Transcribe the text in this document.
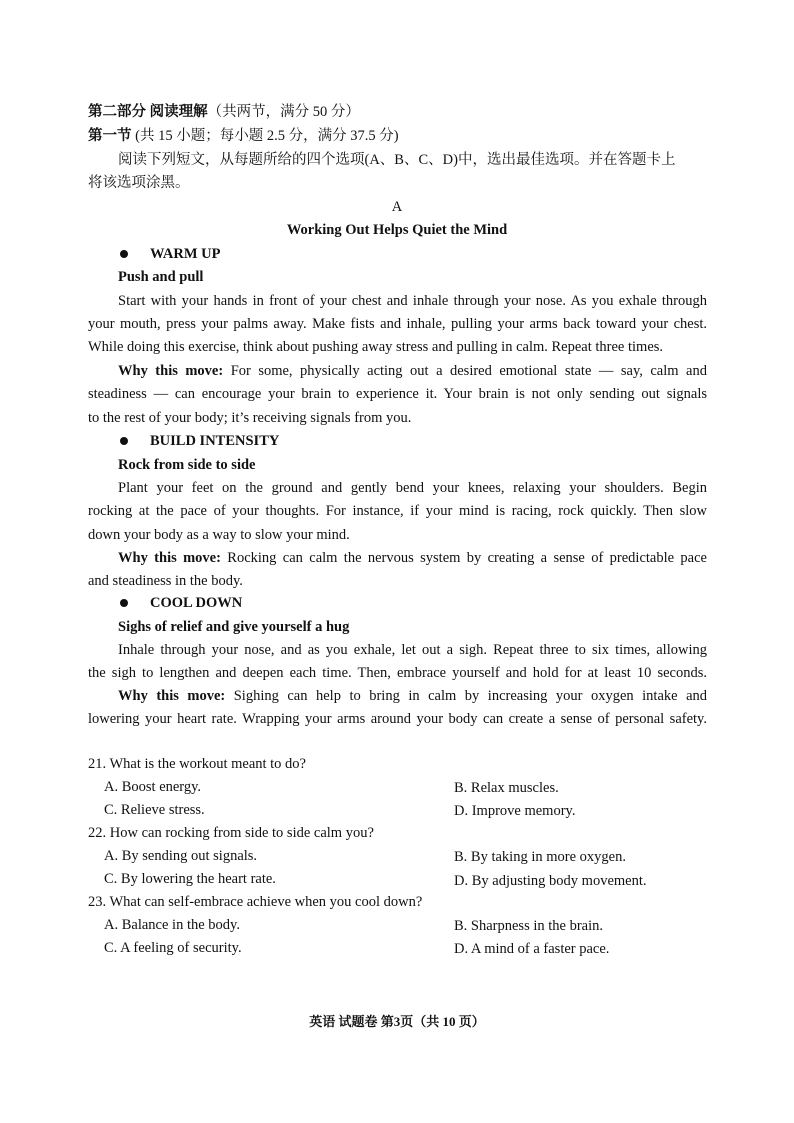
第二部分 阅读理解（共两节，满分 50 分）
第一节 (共 15 小题；每小题 2.5 分，满分 37.5 分)
阅读下列短文，从每题所给的四个选项(A、B、C、D)中，选出最佳选项。并在答题卡上
将该选项涂黑。
A
Working Out Helps Quiet the Mind
WARM UP
Push and pull
Start with your hands in front of your chest and inhale through your nose. As you exhale through
your mouth, press your palms away. Make fists and inhale, pulling your arms back toward your chest.
While doing this exercise, think about pushing away stress and pulling in calm. Repeat three times.
Why this move: For some, physically acting out a desired emotional state — say, calm and
steadiness — can encourage your brain to experience it. Your brain is not only sending out signals
to the rest of your body; it’s receiving signals from you.
BUILD INTENSITY
Rock from side to side
Plant your feet on the ground and gently bend your knees, relaxing your shoulders. Begin
rocking at the pace of your thoughts. For instance, if your mind is racing, rock quickly. Then slow
down your body as a way to slow your mind.
Why this move: Rocking can calm the nervous system by creating a sense of predictable pace
and steadiness in the body.
COOL DOWN
Sighs of relief and give yourself a hug
Inhale through your nose, and as you exhale, let out a sigh. Repeat three to six times, allowing
the sigh to lengthen and deepen each time. Then, embrace yourself and hold for at least 10 seconds.
Why this move: Sighing can help to bring in calm by increasing your oxygen intake and
lowering your heart rate. Wrapping your arms around your body can create a sense of personal safety.
21. What is the workout meant to do?
A. Boost energy.	B. Relax muscles.
C. Relieve stress.	D. Improve memory.
22. How can rocking from side to side calm you?
A. By sending out signals.	B. By taking in more oxygen.
C. By lowering the heart rate.	D. By adjusting body movement.
23. What can self-embrace achieve when you cool down?
A. Balance in the body.	B. Sharpness in the brain.
C. A feeling of security.	D. A mind of a faster pace.
英语 试题卷 第3页（共 10 页）
